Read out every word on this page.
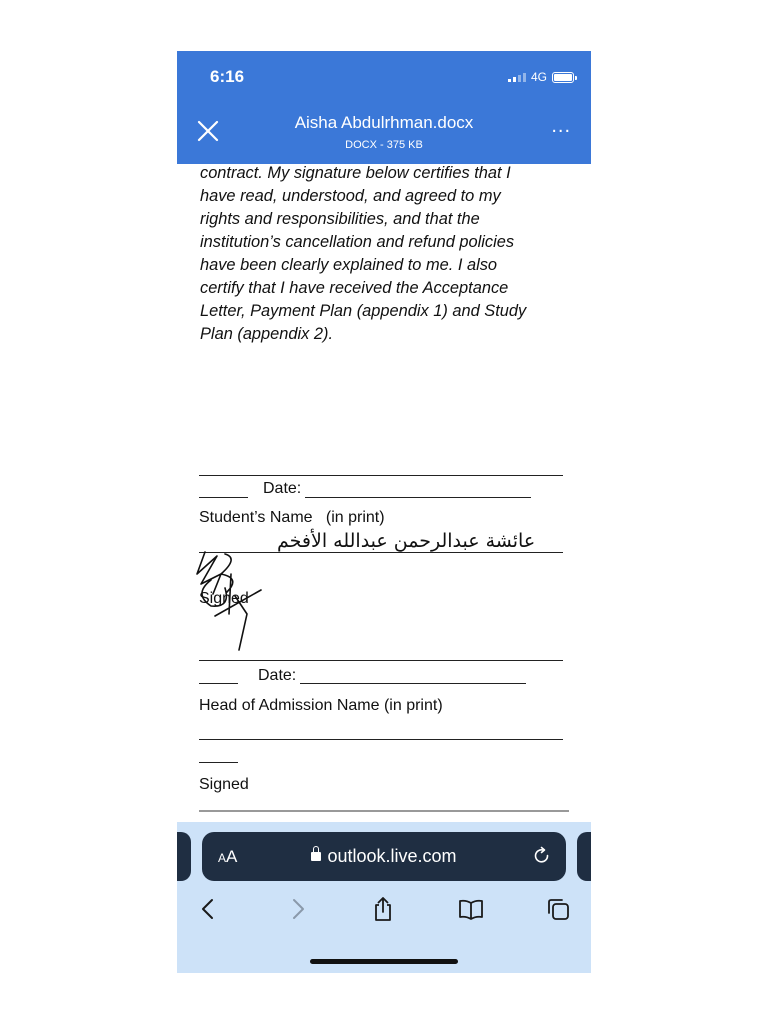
6:16	4G
Aisha Abdulrhman.docx
DOCX - 375 KB
...
contract. My signature below certifies that I
have read, understood, and agreed to my
rights and responsibilities, and that the
institution’s cancellation and refund policies
have been clearly explained to me. I also
certify that I have received the Acceptance
Letter, Payment Plan (appendix 1) and Study
Plan (appendix 2).
Date:
Student’s Name   (in print)
عائشة عبدالرحمن عبدالله الأفخم
Signed
Date:
Head of Admission Name (in print)
Signed
AA	outlook.live.com
